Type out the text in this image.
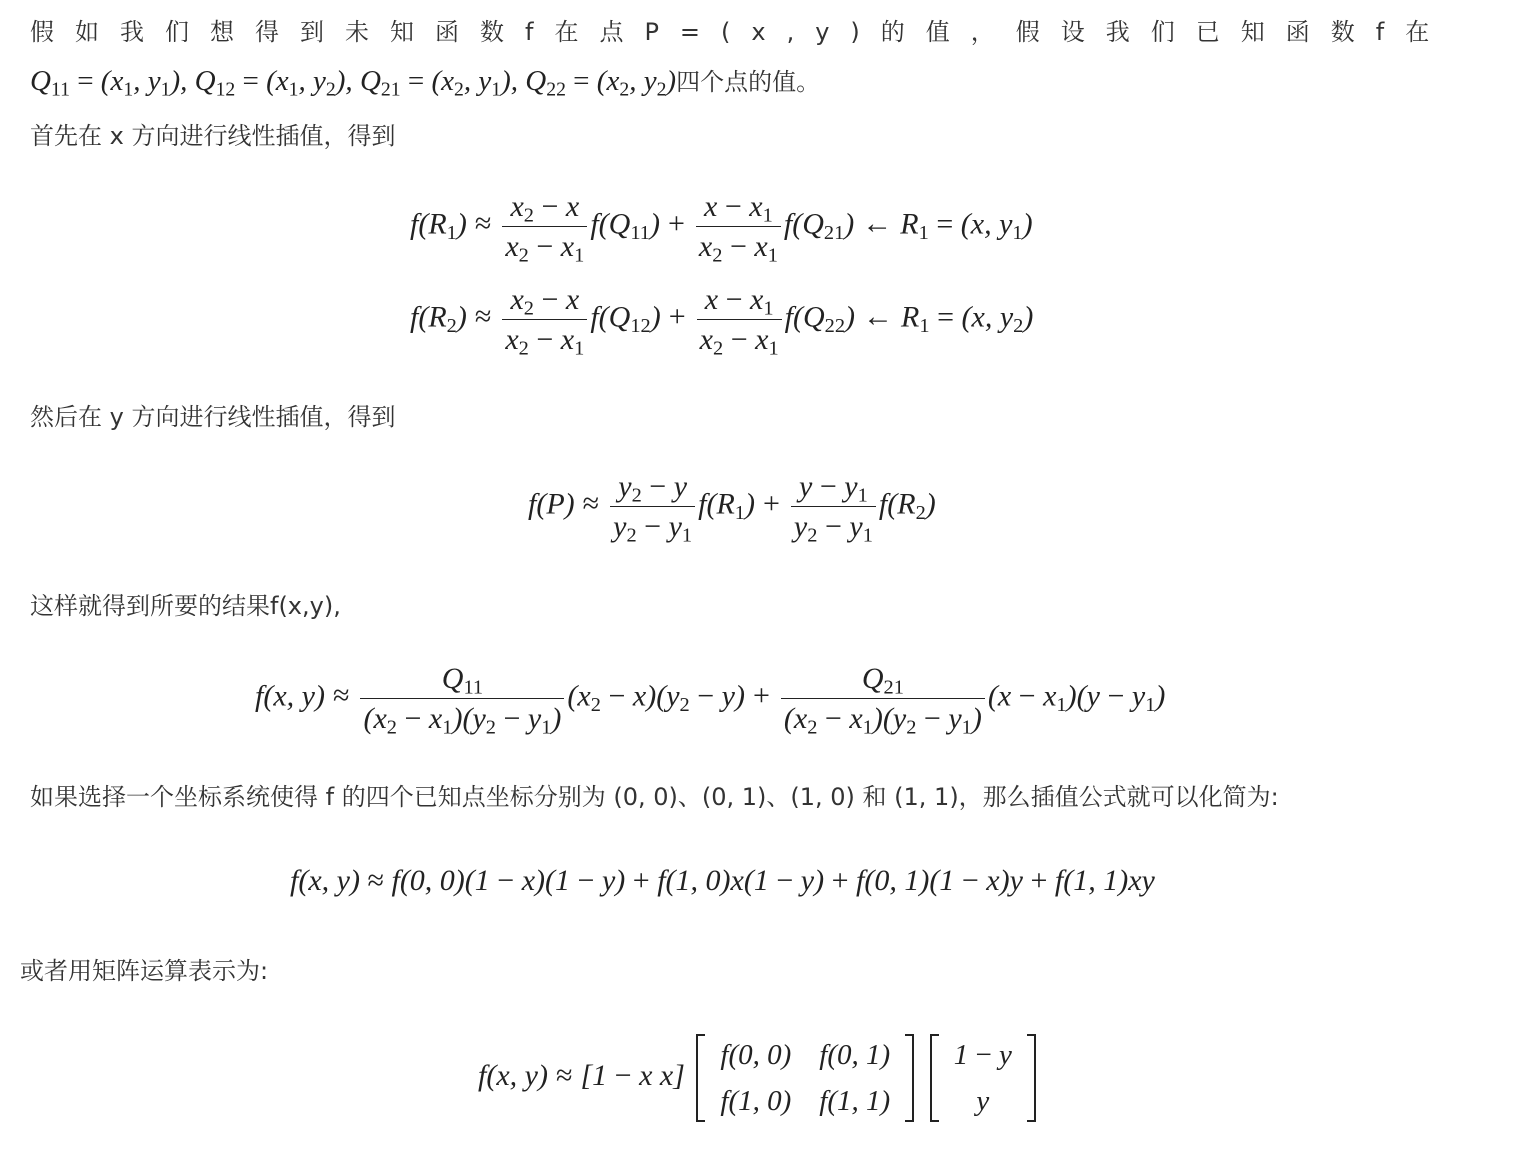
假如我们想得到未知函数f在点P=(x,y)的值，假设我们已知函数f在
$Q_{11} = (x_1$, $y_1$), $Q_{12} = (x_1$, $y_2$), $Q_{21} = (x_2$, $y_1$), $Q_{22} = (x_2$, $y_2$)四个点的值。
首先在 x 方向进行线性插值，得到
$f(R_1) \approx \frac{x_2 - x}{x_2 - x_1} f(Q_{11}) + \frac{x - x_1}{x_2 - x_1} f(Q_{21})$ ← $R_1 = (x$, $y_1$)
$f(R_2) \approx \frac{x_2 - x}{x_2 - x_1} f(Q_{12}) + \frac{x - x_1}{x_2 - x_1} f(Q_{22})$ ← $R_1 = (x$, $y_2$)
然后在 y 方向进行线性插值，得到
$f(P) \approx \frac{y_2 - y}{y_2 - y_1} f(R_1) + \frac{y - y_1}{y_2 - y_1} f(R_2)$
这样就得到所要的结果f(x,y),
f(x, $y) \approx \frac{Q_{11}}{(x_2 - x_1)(y_2 - y_1)} (x_2 - x)(y_2 - y) + \frac{Q_{21}}{(x_2 - x_1)(y_2 - y_1)} (x - x_1)(y - y_1)$
如果选择一个坐标系统使得 f 的四个已知点坐标分别为 (0, 0)、(0, 1)、(1, 0) 和 (1, 1)，那么插值公式就可以化简为:
f(x, y) ≈ f(0, 0)(1 − x)(1 − y) + f(1, 0)x(1 − y) + f(0, 1)(1 − x)y + f(1, 1)xy
或者用矩阵运算表示为:
f(x, y) ≈ [1 − x x]
f(0, 0)	f(0, 1)
f(1, 0)	f(1, 1)

1 − y
y
